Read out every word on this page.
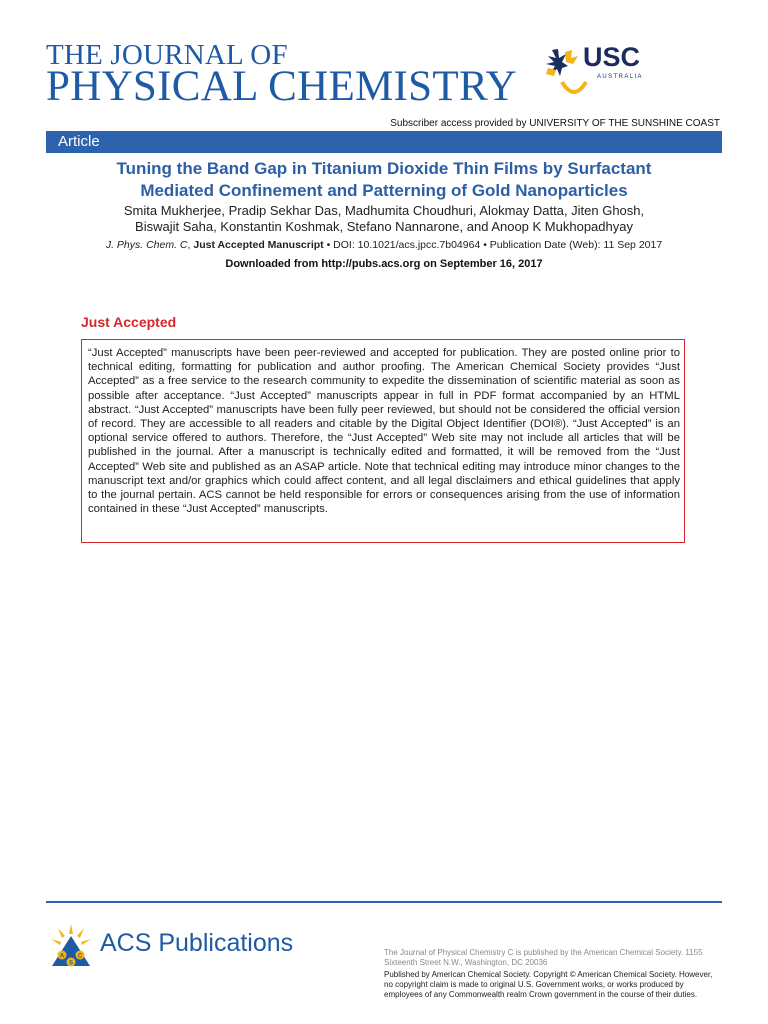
THE JOURNAL OF
PHYSICAL CHEMISTRY
USC
AUSTRALIA
Subscriber access provided by UNIVERSITY OF THE SUNSHINE COAST
Article
Tuning the Band Gap in Titanium Dioxide Thin Films by Surfactant
Mediated Confinement and Patterning of Gold Nanoparticles
Smita Mukherjee, Pradip Sekhar Das, Madhumita Choudhuri, Alokmay Datta, Jiten Ghosh,
Biswajit Saha, Konstantin Koshmak, Stefano Nannarone, and Anoop K Mukhopadhyay
J. Phys. Chem. C, Just Accepted Manuscript • DOI: 10.1021/acs.jpcc.7b04964 • Publication Date (Web): 11 Sep 2017
Downloaded from http://pubs.acs.org on September 16, 2017
Just Accepted

“Just Accepted” manuscripts have been peer-reviewed and accepted for publication. They are posted online prior to technical editing, formatting for publication and author proofing. The American Chemical Society provides “Just Accepted” as a free service to the research community to expedite the dissemination of scientific material as soon as possible after acceptance. “Just Accepted” manuscripts appear in full in PDF format accompanied by an HTML abstract. “Just Accepted” manuscripts have been fully peer reviewed, but should not be considered the official version of record. They are accessible to all readers and citable by the Digital Object Identifier (DOI®). “Just Accepted” is an optional service offered to authors. Therefore, the “Just Accepted” Web site may not include all articles that will be published in the journal. After a manuscript is technically edited and formatted, it will be removed from the “Just Accepted” Web site and published as an ASAP article. Note that technical editing may introduce minor changes to the manuscript text and/or graphics which could affect content, and all legal disclaimers and ethical guidelines that apply to the journal pertain. ACS cannot be held responsible for errors or consequences arising from the use of information contained in these “Just Accepted” manuscripts.

A C
S
ACS Publications	The Journal of Physical Chemistry C is published by the American Chemical Society. 1155 Sixteenth Street N.W., Washington, DC 20036
Published by American Chemical Society. Copyright © American Chemical Society. However, no copyright claim is made to original U.S. Government works, or works produced by employees of any Commonwealth realm Crown government in the course of their duties.
